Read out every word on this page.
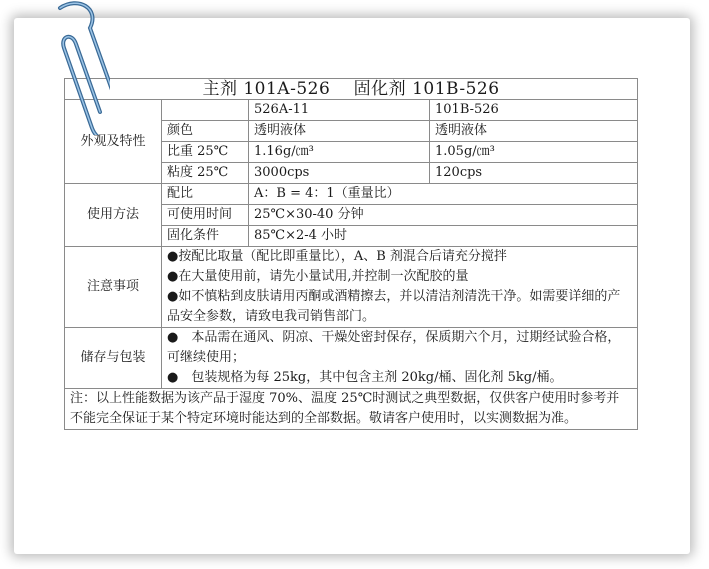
主剂 101A-526　 固化剂 101B-526			
外观及特性		526A-11	101B-526
	颜色	透明液体	透明液体
	比重 25℃	1.16g/㎝³	1.05g/㎝³
	粘度 25℃	3000cps	120cps
使用方法	配比	A：B = 4：1（重量比）	
	可使用时间	25℃×30-40 分钟	
	固化条件	85℃×2-4 小时	
注意事项	●按配比取量（配比即重量比），A、B 剂混合后请充分搅拌
●在大量使用前，请先小量试用,并控制一次配胶的量
●如不慎粘到皮肤请用丙酮或酒精擦去，并以清洁剂清洗干净。如需要详细的产品安全参数，请致电我司销售部门。		

储存与包装	●　本品需在通风、阴凉、干燥处密封保存，保质期六个月，过期经试验合格，可继续使用；
●　包装规格为每 25kg，其中包含主剂 20kg/桶、固化剂 5kg/桶。		

注：以上性能数据为该产品于湿度 70%、温度 25℃时测试之典型数据，仅供客户使用时参考并不能完全保证于某个特定环境时能达到的全部数据。敬请客户使用时，以实测数据为准。			
